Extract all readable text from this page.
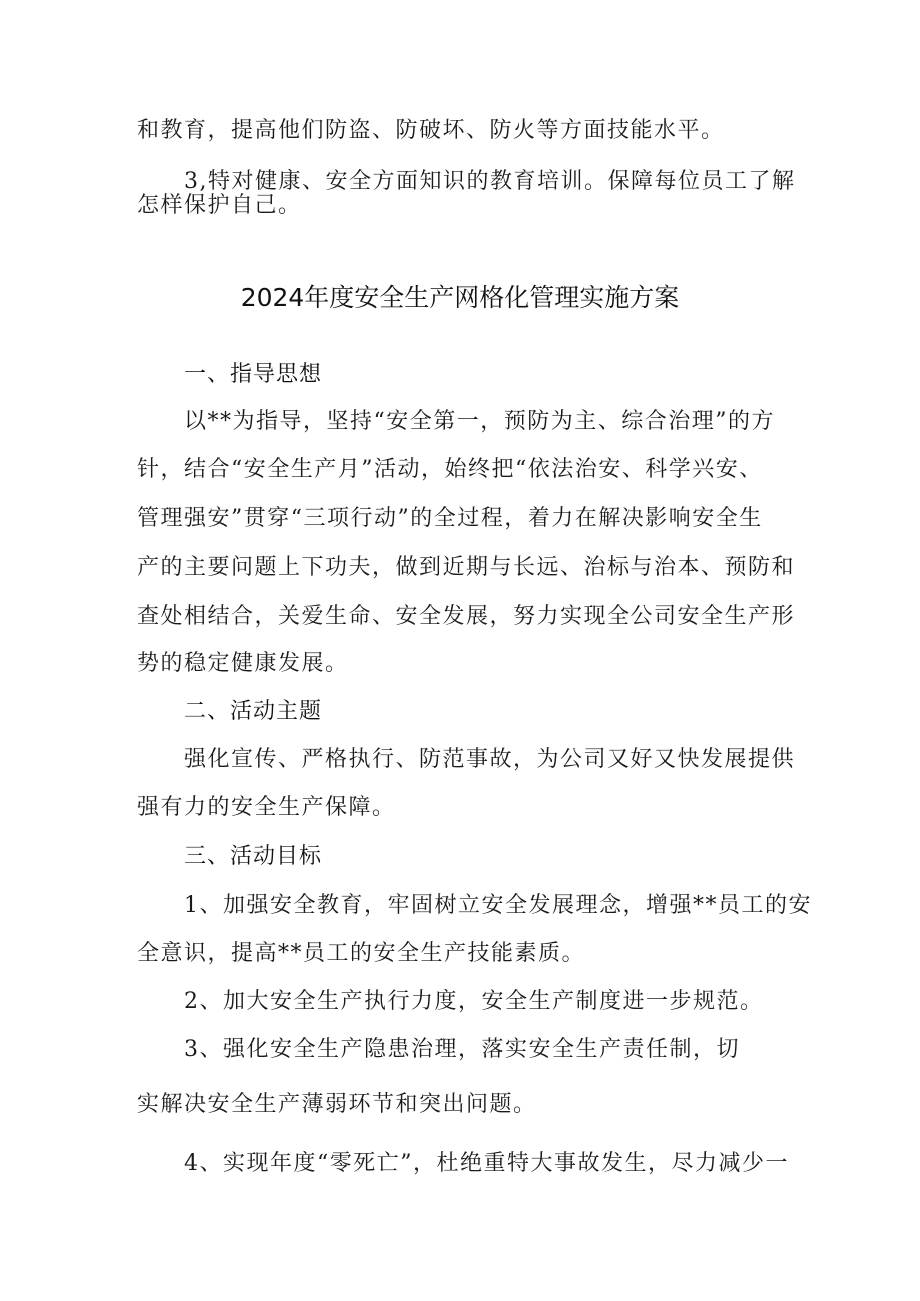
和教育，提高他们防盗、防破坏、防火等方面技能水平。
3,特对健康、安全方面知识的教育培训。保障每位员工了解
怎样保护自己。
2024年度安全生产网格化管理实施方案
一、指导思想
以**为指导，坚持“安全第一，预防为主、综合治理”的方
针，结合“安全生产月”活动，始终把“依法治安、科学兴安、
管理强安”贯穿“三项行动”的全过程，着力在解决影响安全生
产的主要问题上下功夫，做到近期与长远、治标与治本、预防和
查处相结合，关爱生命、安全发展，努力实现全公司安全生产形
势的稳定健康发展。
二、活动主题
强化宣传、严格执行、防范事故，为公司又好又快发展提供
强有力的安全生产保障。
三、活动目标
1、加强安全教育，牢固树立安全发展理念，增强**员工的安
全意识，提高**员工的安全生产技能素质。
2、加大安全生产执行力度，安全生产制度进一步规范。
3、强化安全生产隐患治理，落实安全生产责任制，切
实解决安全生产薄弱环节和突出问题。
4、实现年度“零死亡”，杜绝重特大事故发生，尽力减少一
